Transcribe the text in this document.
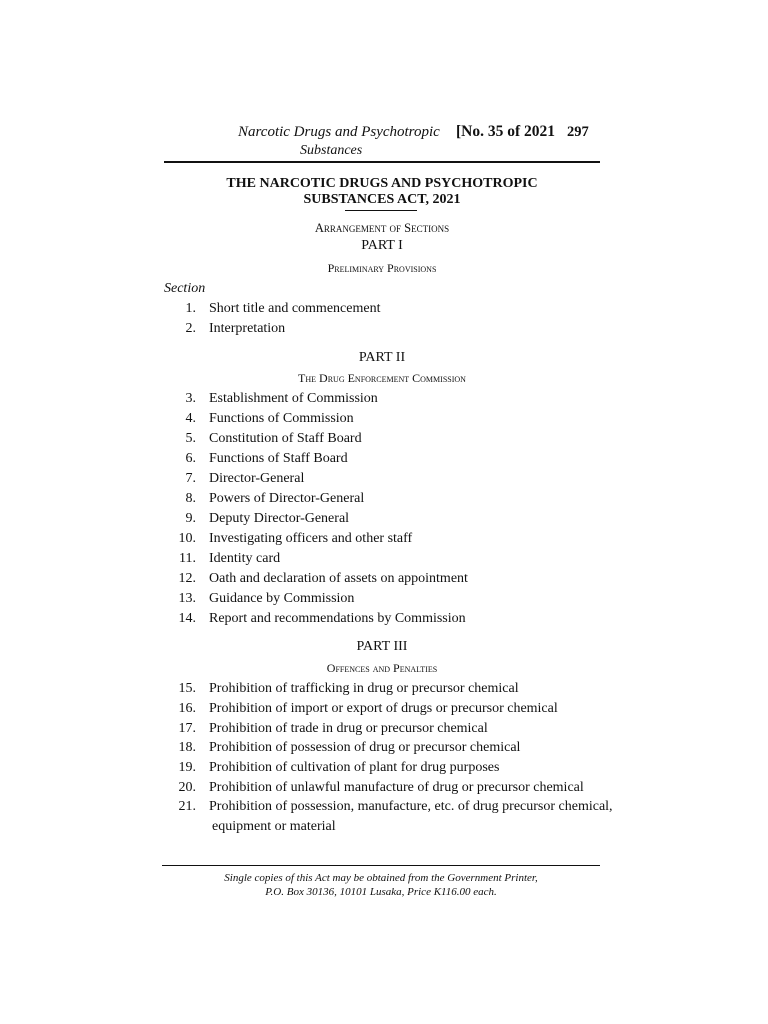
Narcotic Drugs and Psychotropic
Substances
[No. 35 of 2021 297
THE NARCOTIC DRUGS AND PSYCHOTROPIC
SUBSTANCES ACT, 2021
Arrangement of Sections
PART I
Preliminary Provisions
Section
1. Short title and commencement
2. Interpretation
PART II
The Drug Enforcement Commission
3. Establishment of Commission
4. Functions of Commission
5. Constitution of Staff Board
6. Functions of Staff Board
7. Director-General
8. Powers of Director-General
9. Deputy Director-General
10. Investigating officers and other staff
11. Identity card
12. Oath and declaration of assets on appointment
13. Guidance by Commission
14. Report and recommendations by Commission
PART III
Offences and Penalties
15. Prohibition of trafficking in drug or precursor chemical
16. Prohibition of import or export of drugs or precursor chemical
17. Prohibition of trade in drug or precursor chemical
18. Prohibition of possession of drug or precursor chemical
19. Prohibition of cultivation of plant for drug purposes
20. Prohibition of unlawful manufacture of drug or precursor chemical
21. Prohibition of possession, manufacture, etc. of drug precursor chemical,
equipment or material
Single copies of this Act may be obtained from the Government Printer,
P.O. Box 30136, 10101 Lusaka, Price K116.00 each.
